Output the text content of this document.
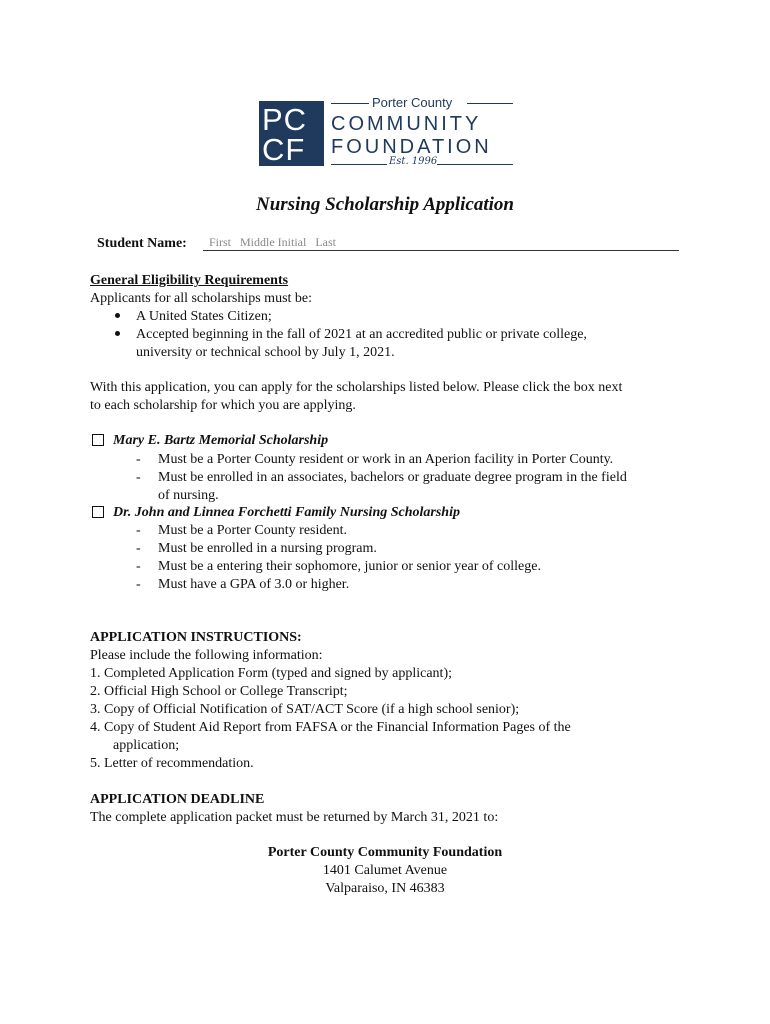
PC
CF
Porter County
COMMUNITY
FOUNDATION
Est. 1996
Nursing Scholarship Application
Student Name:
First Middle Initial Last
General Eligibility Requirements
Applicants for all scholarships must be:
A United States Citizen;
Accepted beginning in the fall of 2021 at an accredited public or private college,
university or technical school by July 1, 2021.
With this application, you can apply for the scholarships listed below. Please click the box next
to each scholarship for which you are applying.
Mary E. Bartz Memorial Scholarship
- Must be a Porter County resident or work in an Aperion facility in Porter County.
- Must be enrolled in an associates, bachelors or graduate degree program in the field
of nursing.
Dr. John and Linnea Forchetti Family Nursing Scholarship
- Must be a Porter County resident.
- Must be enrolled in a nursing program.
- Must be a entering their sophomore, junior or senior year of college.
- Must have a GPA of 3.0 or higher.
APPLICATION INSTRUCTIONS:
Please include the following information:
1. Completed Application Form (typed and signed by applicant);
2. Official High School or College Transcript;
3. Copy of Official Notification of SAT/ACT Score (if a high school senior);
4. Copy of Student Aid Report from FAFSA or the Financial Information Pages of the
application;
5. Letter of recommendation.
APPLICATION DEADLINE
The complete application packet must be returned by March 31, 2021 to:
Porter County Community Foundation
1401 Calumet Avenue
Valparaiso, IN 46383
